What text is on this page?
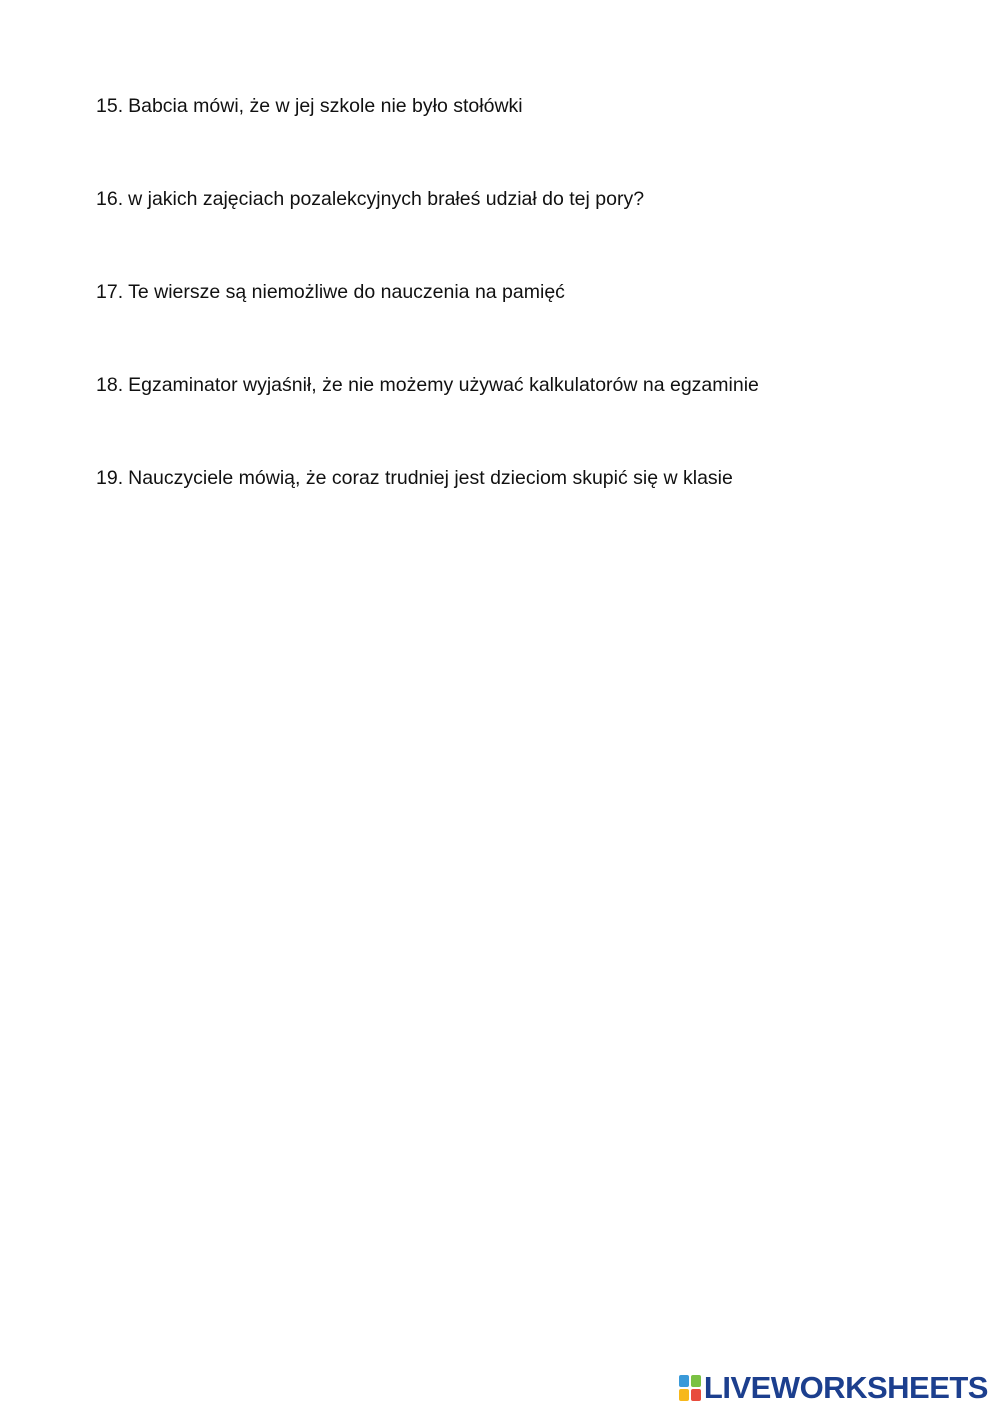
15. Babcia mówi, że w jej szkole nie było stołówki
16. w jakich zajęciach pozalekcyjnych brałeś udział do tej pory?
17. Te wiersze są niemożliwe do nauczenia na pamięć
18. Egzaminator wyjaśnił, że nie możemy używać kalkulatorów na egzaminie
19. Nauczyciele mówią, że coraz trudniej jest dzieciom skupić się w klasie
LIVEWORKSHEETS
